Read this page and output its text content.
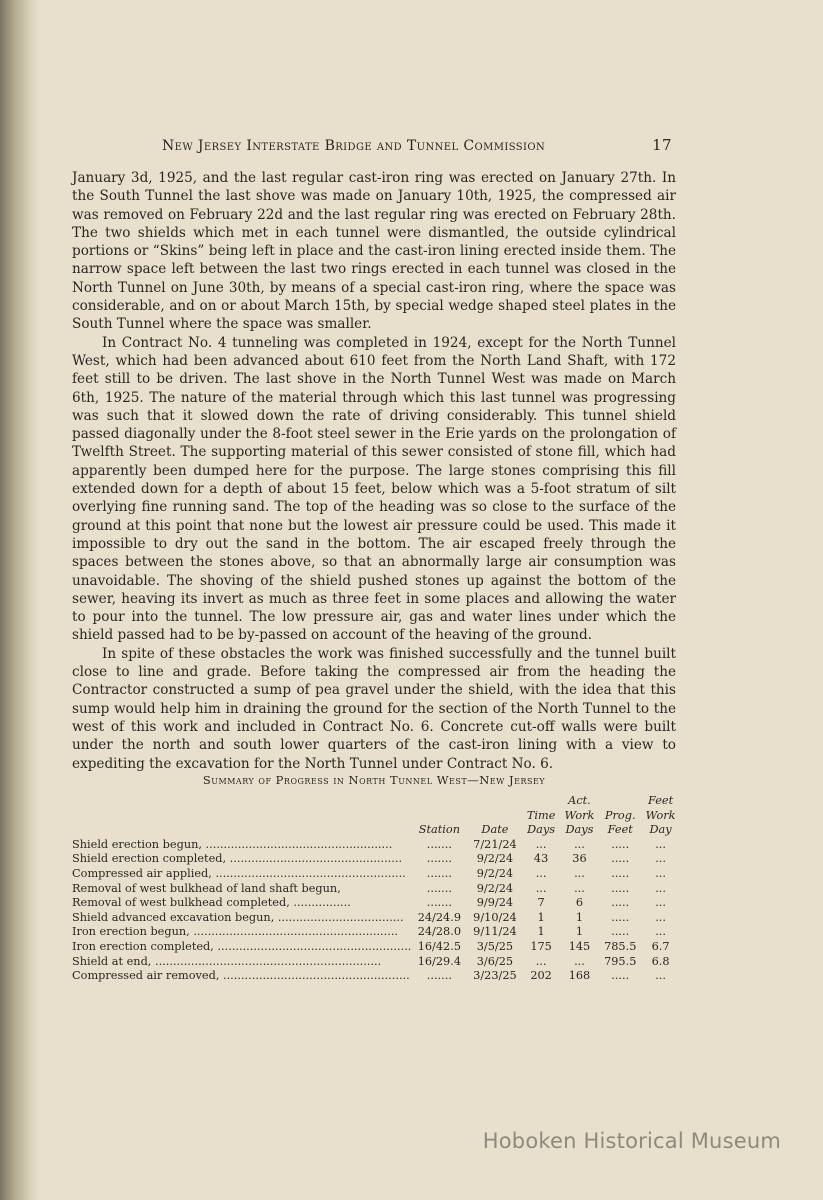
New Jersey Interstate Bridge and Tunnel Commission	17

January 3d, 1925, and the last regular cast-iron ring was erected on January 27th. In the South Tunnel the last shove was made on January 10th, 1925, the compressed air was removed on February 22d and the last regular ring was erected on February 28th. The two shields which met in each tunnel were dismantled, the outside cylindrical portions or “Skins” being left in place and the cast-iron lining erected inside them. The narrow space left between the last two rings erected in each tunnel was closed in the North Tunnel on June 30th, by means of a special cast-iron ring, where the space was considerable, and on or about March 15th, by special wedge shaped steel plates in the South Tunnel where the space was smaller.

In Contract No. 4 tunneling was completed in 1924, except for the North Tunnel West, which had been advanced about 610 feet from the North Land Shaft, with 172 feet still to be driven. The last shove in the North Tunnel West was made on March 6th, 1925. The nature of the material through which this last tunnel was progressing was such that it slowed down the rate of driving considerably. This tunnel shield passed diagonally under the 8-foot steel sewer in the Erie yards on the prolongation of Twelfth Street. The supporting material of this sewer consisted of stone fill, which had apparently been dumped here for the purpose. The large stones comprising this fill extended down for a depth of about 15 feet, below which was a 5-foot stratum of silt overlying fine running sand. The top of the heading was so close to the surface of the ground at this point that none but the lowest air pressure could be used. This made it impossible to dry out the sand in the bottom. The air escaped freely through the spaces between the stones above, so that an abnormally large air consumption was unavoidable. The shoving of the shield pushed stones up against the bottom of the sewer, heaving its invert as much as three feet in some places and allowing the water to pour into the tunnel. The low pressure air, gas and water lines under which the shield passed had to be by-passed on account of the heaving of the ground.

In spite of these obstacles the work was finished successfully and the tunnel built close to line and grade. Before taking the compressed air from the heading the Contractor constructed a sump of pea gravel under the shield, with the idea that this sump would help him in draining the ground for the section of the North Tunnel to the west of this work and included in Contract No. 6. Concrete cut-off walls were built under the north and south lower quarters of the cast-iron lining with a view to expediting the excavation for the North Tunnel under Contract No. 6.

Summary of Progress in North Tunnel West—New Jersey
				Act.		Feet
			Time	Work	Prog.	Work
	Station	Date	Days	Days	Feet	Day
Shield erection begun, ....................................................	.......	7/21/24	...	...	.....	...
Shield erection completed, ................................................	.......	9/2/24	43	36	.....	...
Compressed air applied, .....................................................	.......	9/2/24	...	...	.....	...
Removal of west bulkhead of land shaft begun,	.......	9/2/24	...	...	.....	...
Removal of west bulkhead completed, ................	.......	9/9/24	7	6	.....	...
Shield advanced excavation begun, ...................................	24/24.9	9/10/24	1	1	.....	...
Iron erection begun, .........................................................	24/28.0	9/11/24	1	1	.....	...
Iron erection completed, ......................................................	16/42.5	3/5/25	175	145	785.5	6.7
Shield at end, ...............................................................	16/29.4	3/6/25	...	...	795.5	6.8
Compressed air removed, ....................................................	.......	3/23/25	202	168	.....	...
Hoboken Historical Museum
